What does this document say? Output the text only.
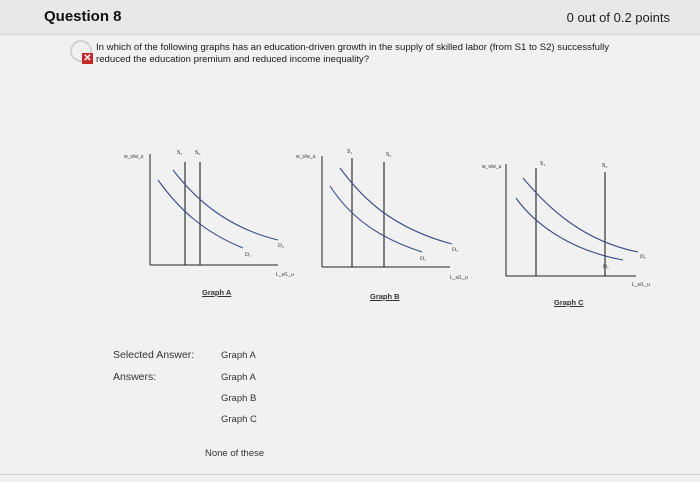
Question 8	0 out of 0.2 points
✕
In which of the following graphs has an education-driven growth in the supply of skilled labor (from S1 to S2) successfully

reduced the education premium and reduced income inequality?
w_s/w_u
S₁ S₂
D₁
D₂
L_s/L_u
Graph A
w_s/w_u
S₁	S₂
D₁
D₂
L_s/L_u
Graph B
w_s/w_u	S₁	S₂
D₁
D₂
L_s/L_u
Graph C
Selected Answer:	Graph A
Answers:	Graph A
Graph B
Graph C
None of these
